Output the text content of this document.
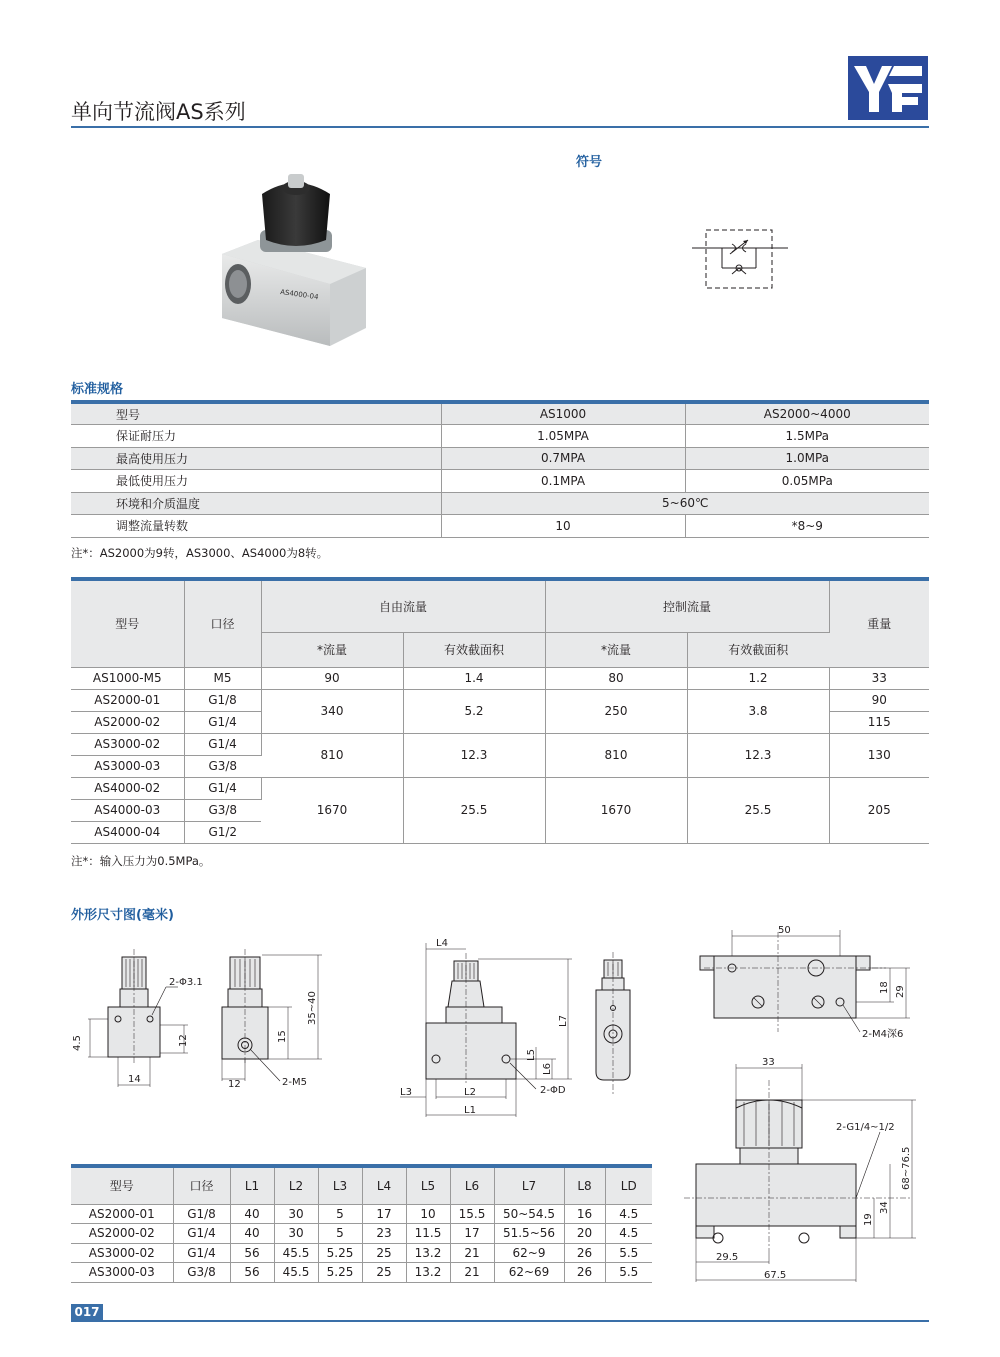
单向节流阀AS系列
AS4000-04
符号
标准规格
型号	AS1000	AS2000~4000
保证耐压力	1.05MPA	1.5MPa
最高使用压力	0.7MPA	1.0MPa
最低使用压力	0.1MPA	0.05MPa
环境和介质温度	5~60℃	
调整流量转数	10	*8~9
注*：AS2000为9转，AS3000、AS4000为8转。
型号	口径	自由流量		控制流量		重量
		*流量	有效截面积	*流量	有效截面积	
AS1000-M5	M5	90	1.4	80	1.2	33
AS2000-01	G1/8	340	5.2	250	3.8	90
AS2000-02	G1/4					115
AS3000-02	G1/4	810	12.3	810	12.3	130
AS3000-03	G3/8					
AS4000-02	G1/4	1670	25.5	1670	25.5	205
AS4000-03	G3/8					
AS4000-04	G1/2					
注*：输入压力为0.5MPa。
外形尺寸图(毫米)
2-Φ3.1
14
4.5	12
35~40
15
12	2-M5
L4
L7
L6
L5
L3	L2
L1
2-ΦD
50
18 29
2-M4深6
33
2-G1/4~1/2
68~76.5
34
19
29.5
67.5
型号	口径	L1	L2	L3	L4	L5	L6	L7	L8	LD
AS2000-01	G1/8	40	30	5	17	10	15.5	50~54.5	16	4.5
AS2000-02	G1/4	40	30	5	23	11.5	17	51.5~56	20	4.5
AS3000-02	G1/4	56	45.5	5.25	25	13.2	21	62~9	26	5.5
AS3000-03	G3/8	56	45.5	5.25	25	13.2	21	62~69	26	5.5
017
